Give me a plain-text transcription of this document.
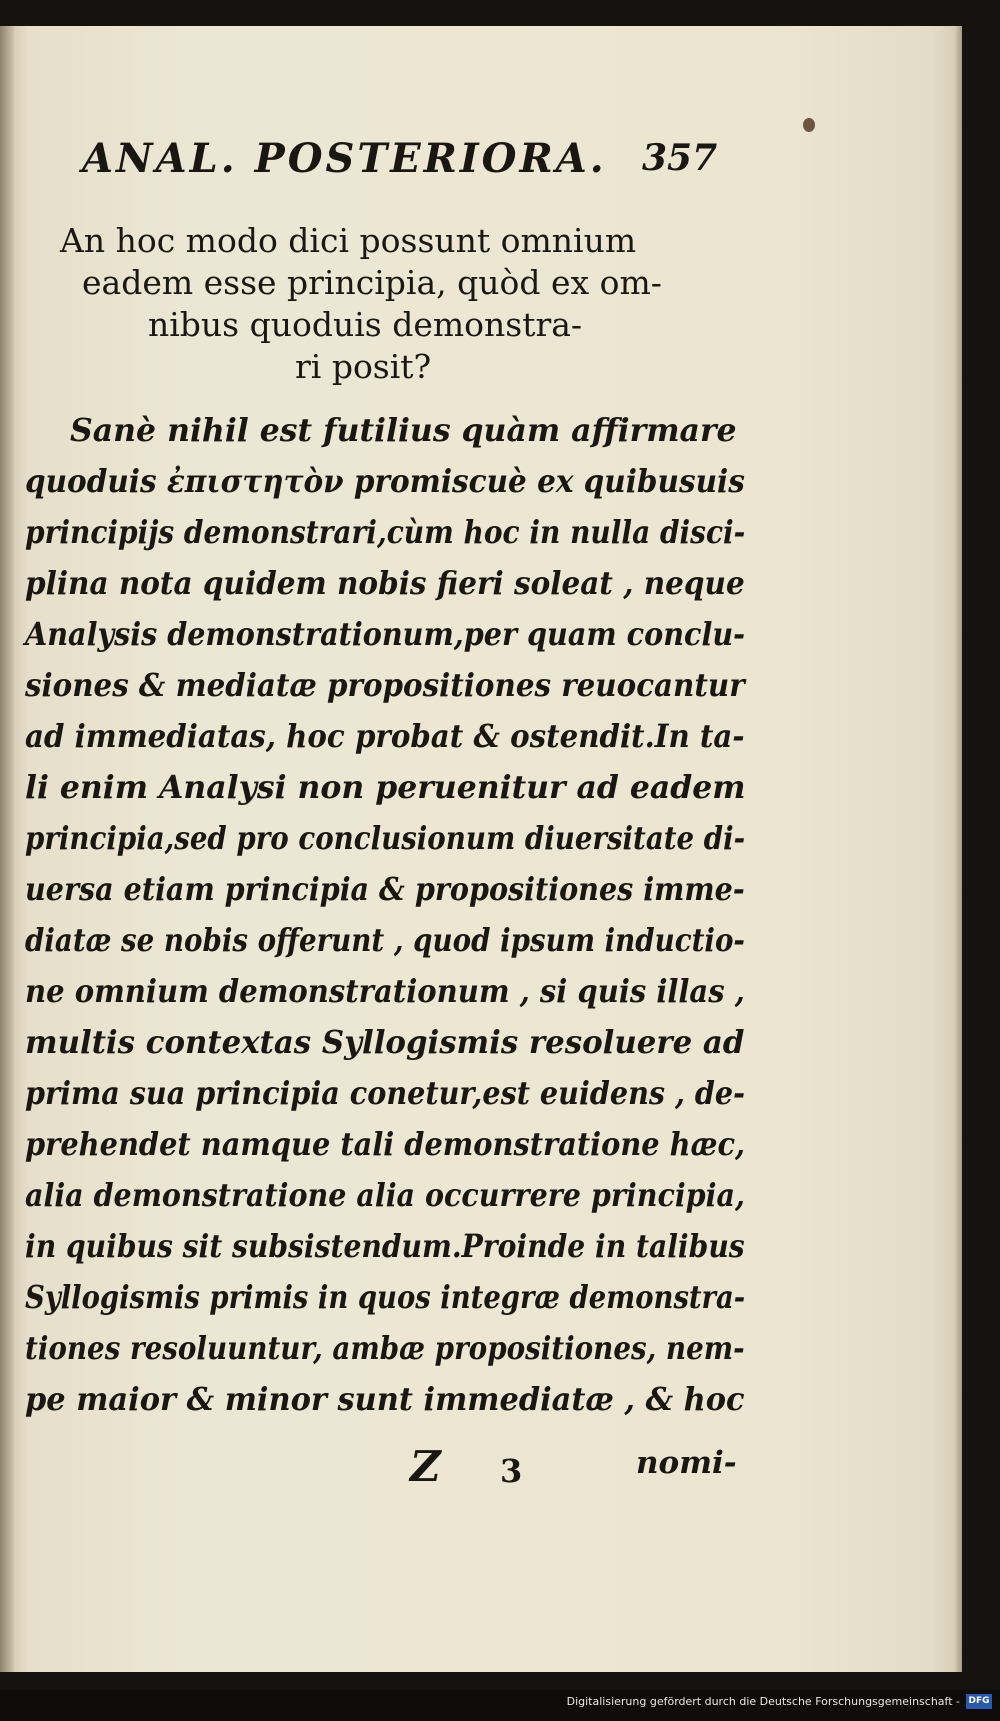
ANAL. POSTERIORA. 357
An hoc modo dici possunt omnium
eadem esse principia, quòd ex om-
nibus quoduis demonstra-
ri posit?
Sanè nihil est futilius quàm affirmare
quoduis ἐπιστητὸν promiscuè ex quibusuis
principijs demonstrari,cùm hoc in nulla disci-
plina nota quidem nobis fieri soleat , neque
Analysis demonstrationum,per quam conclu-
siones & mediatæ propositiones reuocantur
ad immediatas, hoc probat & ostendit.In ta-
li enim Analysi non peruenitur ad eadem
principia,sed pro conclusionum diuersitate di-
uersa etiam principia & propositiones imme-
diatæ se nobis offerunt , quod ipsum inductio-
ne omnium demonstrationum , si quis illas ,
multis contextas Syllogismis resoluere ad
prima sua principia conetur,est euidens , de-
prehendet namque tali demonstratione hæc,
alia demonstratione alia occurrere principia,
in quibus sit subsistendum.Proinde in talibus
Syllogismis primis in quos integræ demonstra-
tiones resoluuntur, ambæ propositiones, nem-
pe maior & minor sunt immediatæ , & hoc
Z 3	nomi-
Digitalisierung gefördert durch die Deutsche Forschungsgemeinschaft - DFG
